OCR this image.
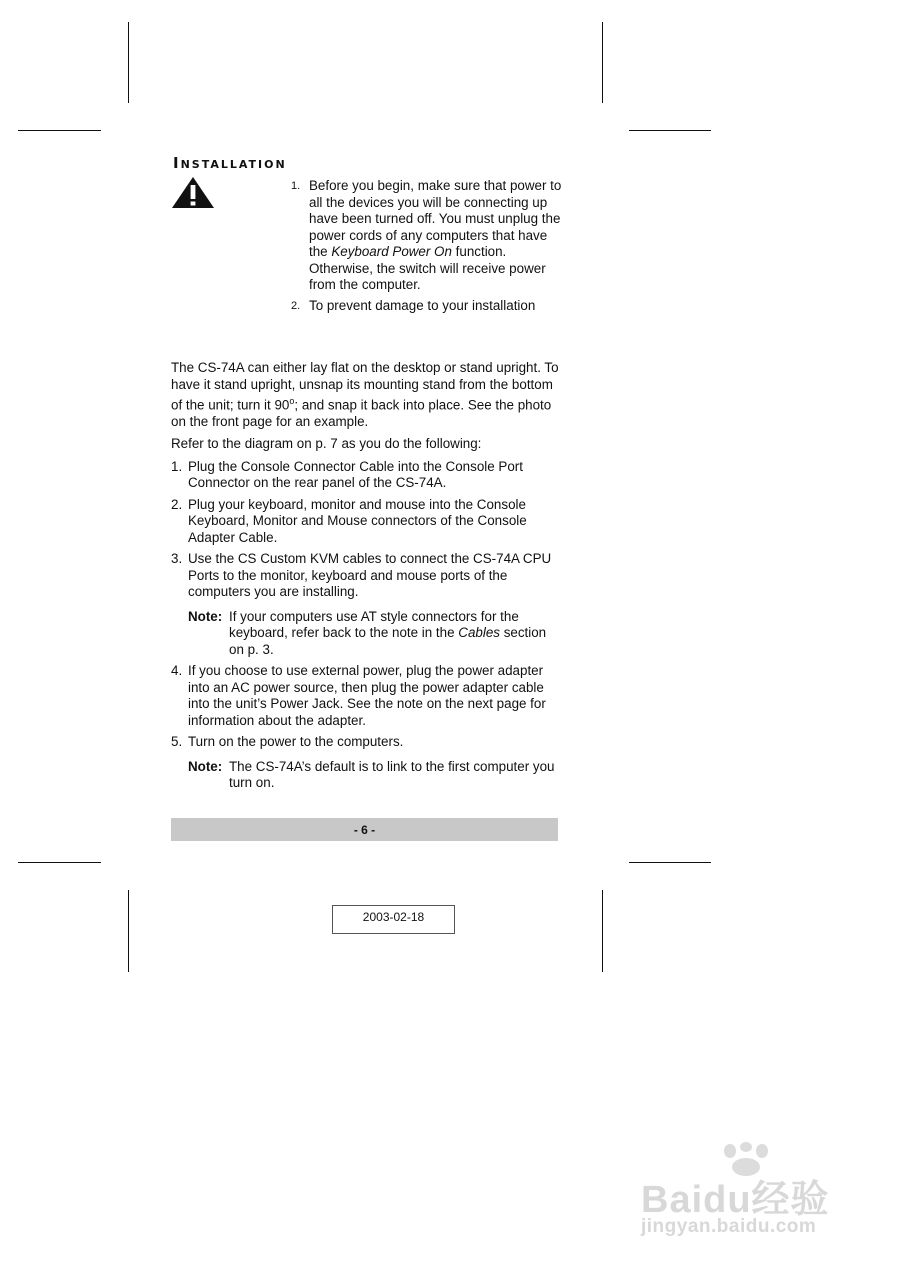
Installation
1. Before you begin, make sure that power to all the devices you will be connecting up have been turned off. You must unplug the power cords of any computers that have the Keyboard Power On function. Otherwise, the switch will receive power from the computer.
2. To prevent damage to your installation

The CS-74A can either lay flat on the desktop or stand upright. To have it stand upright, unsnap its mounting stand from the bottom of the unit; turn it 90$^o$; and snap it back into place. See the photo on the front page for an example.

Refer to the diagram on p. 7 as you do the following:

1. Plug the Console Connector Cable into the Console Port Connector on the rear panel of the CS-74A.
2. Plug your keyboard, monitor and mouse into the Console Keyboard, Monitor and Mouse connectors of the Console Adapter Cable.
3. Use the CS Custom KVM cables to connect the CS-74A CPU Ports to the monitor, keyboard and mouse ports of the computers you are installing.
Note: If your computers use AT style connectors for the keyboard, refer back to the note in the Cables section on p. 3.
4. If you choose to use external power, plug the power adapter into an AC power source, then plug the power adapter cable into the unit’s Power Jack. See the note on the next page for information about the adapter.
5. Turn on the power to the computers.
Note: The CS-74A’s default is to link to the first computer you turn on.
- 6 -
2003-02-18
Baidu经验
jingyan.baidu.com
